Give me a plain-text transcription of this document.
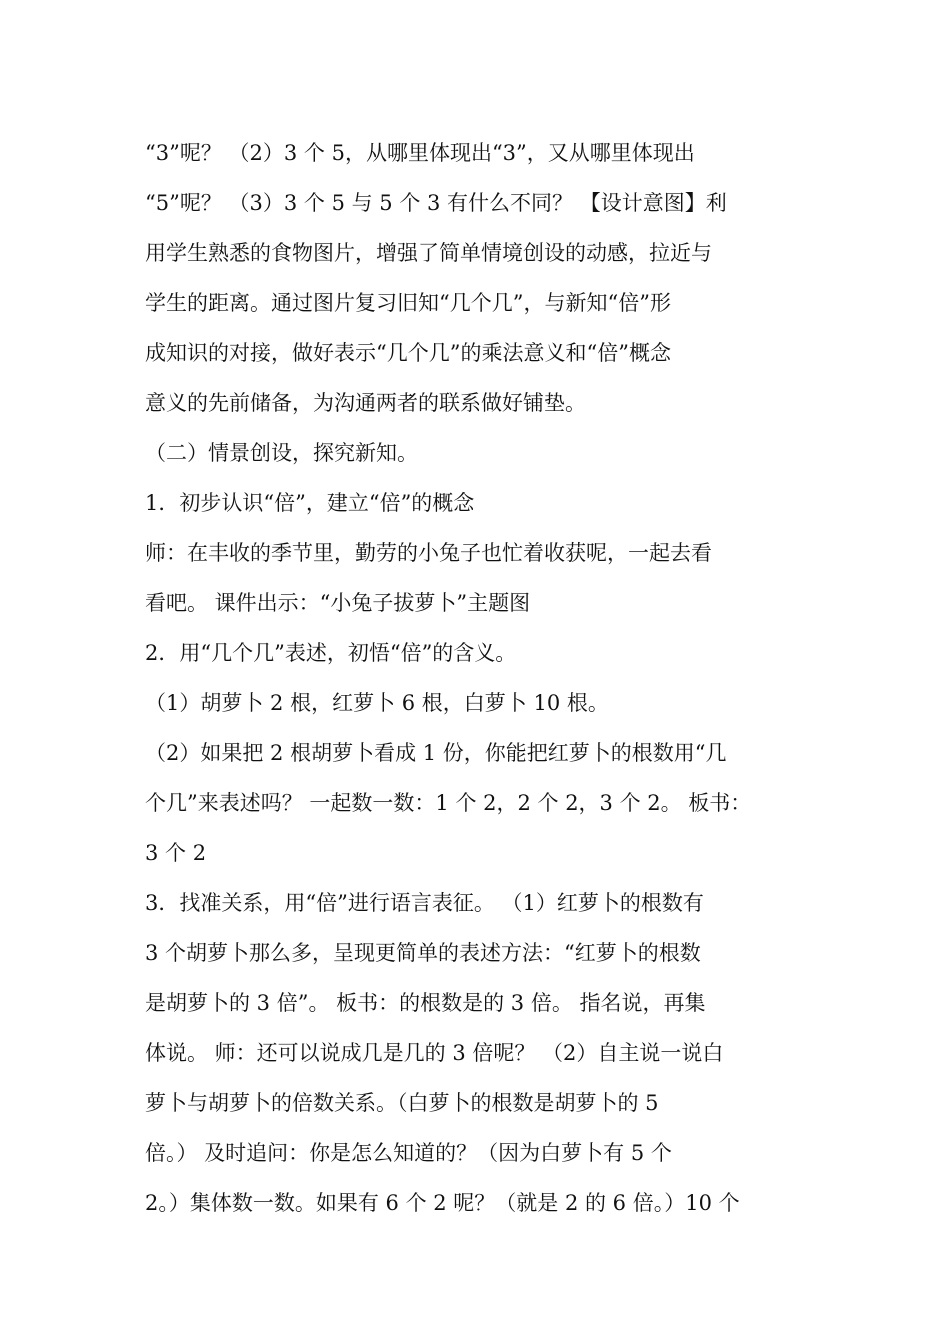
“3”呢？ （2）3 个 5，从哪里体现出“3”，又从哪里体现出
“5”呢？ （3）3 个 5 与 5 个 3 有什么不同？ 【设计意图】利
用学生熟悉的食物图片，增强了简单情境创设的动感，拉近与
学生的距离。通过图片复习旧知“几个几”，与新知“倍”形
成知识的对接，做好表示“几个几”的乘法意义和“倍”概念
意义的先前储备，为沟通两者的联系做好铺垫。
（二）情景创设，探究新知。
1．初步认识“倍”，建立“倍”的概念
师：在丰收的季节里，勤劳的小兔子也忙着收获呢，一起去看
看吧。 课件出示：“小兔子拔萝卜”主题图
2．用“几个几”表述，初悟“倍”的含义。
（1）胡萝卜 2 根，红萝卜 6 根，白萝卜 10 根。
（2）如果把 2 根胡萝卜看成 1 份，你能把红萝卜的根数用“几
个几”来表述吗？ 一起数一数：1 个 2，2 个 2，3 个 2。 板书：
3 个 2
3．找准关系，用“倍”进行语言表征。 （1）红萝卜的根数有
3 个胡萝卜那么多，呈现更简单的表述方法：“红萝卜的根数
是胡萝卜的 3 倍”。 板书：的根数是的 3 倍。 指名说，再集
体说。 师：还可以说成几是几的 3 倍呢？ （2）自主说一说白
萝卜与胡萝卜的倍数关系。（白萝卜的根数是胡萝卜的 5
倍。） 及时追问：你是怎么知道的？（因为白萝卜有 5 个
2。）集体数一数。如果有 6 个 2 呢？（就是 2 的 6 倍。）10 个
